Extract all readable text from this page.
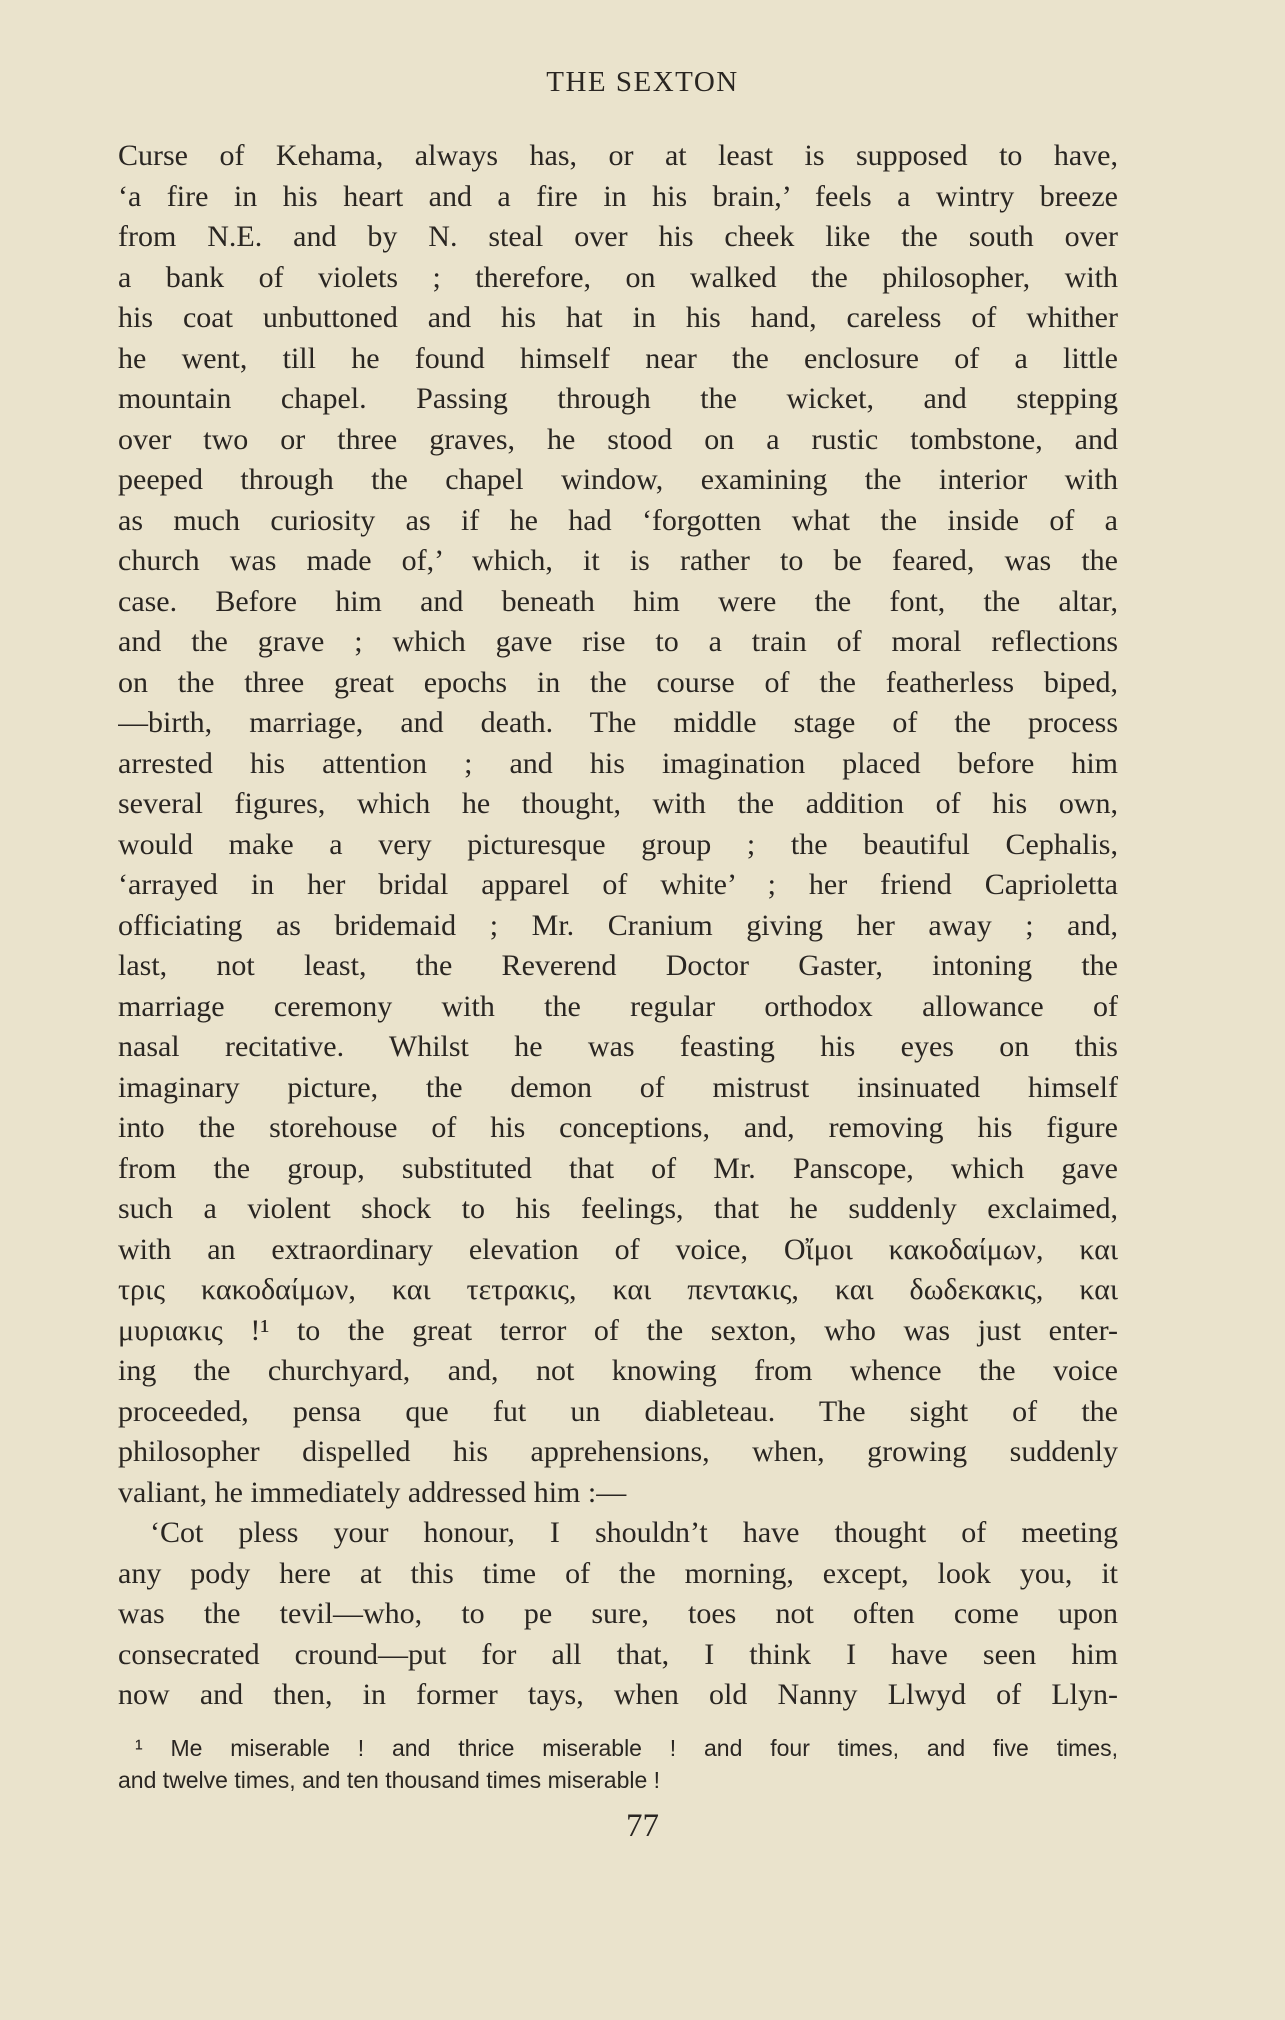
THE SEXTON
Curse of Kehama, always has, or at least is supposed to have,
‘a fire in his heart and a fire in his brain,’ feels a wintry breeze
from N.E. and by N. steal over his cheek like the south over
a bank of violets ; therefore, on walked the philosopher, with
his coat unbuttoned and his hat in his hand, careless of whither
he went, till he found himself near the enclosure of a little
mountain chapel. Passing through the wicket, and stepping
over two or three graves, he stood on a rustic tombstone, and
peeped through the chapel window, examining the interior with
as much curiosity as if he had ‘forgotten what the inside of a
church was made of,’ which, it is rather to be feared, was the
case. Before him and beneath him were the font, the altar,
and the grave ; which gave rise to a train of moral reflections
on the three great epochs in the course of the featherless biped,
—birth, marriage, and death. The middle stage of the process
arrested his attention ; and his imagination placed before him
several figures, which he thought, with the addition of his own,
would make a very picturesque group ; the beautiful Cephalis,
‘arrayed in her bridal apparel of white’ ; her friend Caprioletta
officiating as bridemaid ; Mr. Cranium giving her away ; and,
last, not least, the Reverend Doctor Gaster, intoning the
marriage ceremony with the regular orthodox allowance of
nasal recitative. Whilst he was feasting his eyes on this
imaginary picture, the demon of mistrust insinuated himself
into the storehouse of his conceptions, and, removing his figure
from the group, substituted that of Mr. Panscope, which gave
such a violent shock to his feelings, that he suddenly exclaimed,
with an extraordinary elevation of voice, Οἴμοι κακοδαίμων, και
τρις κακοδαίμων, και τετρακις, και πεντακις, και δωδεκακις, και
μυριακις !¹ to the great terror of the sexton, who was just enter-
ing the churchyard, and, not knowing from whence the voice
proceeded, pensa que fut un diableteau. The sight of the
philosopher dispelled his apprehensions, when, growing suddenly
valiant, he immediately addressed him :—
‘Cot pless your honour, I shouldn’t have thought of meeting
any pody here at this time of the morning, except, look you, it
was the tevil—who, to pe sure, toes not often come upon
consecrated cround—put for all that, I think I have seen him
now and then, in former tays, when old Nanny Llwyd of Llyn-
¹ Me miserable ! and thrice miserable ! and four times, and five times,
and twelve times, and ten thousand times miserable !
77
